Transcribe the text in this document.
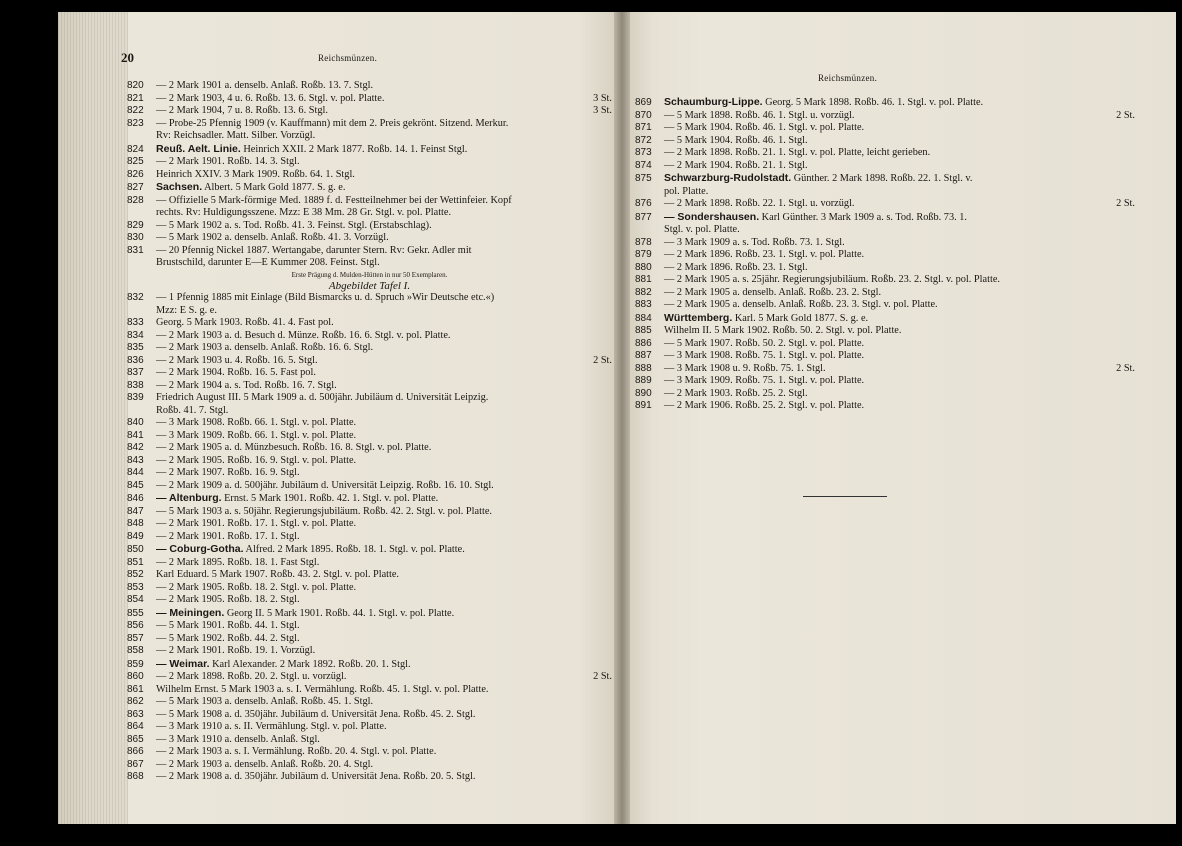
20	Reichsmünzen.
Reichsmünzen.
820 — 2 Mark 1901 a. denselb. Anlaß. Roßb. 13. 7. Stgl.
821 — 2 Mark 1903, 4 u. 6. Roßb. 13. 6. Stgl. v. pol. Platte.	3 St.
822 — 2 Mark 1904, 7 u. 8. Roßb. 13. 6. Stgl.	3 St.
823 — Probe-25 Pfennig 1909 (v. Kauffmann) mit dem 2. Preis gekrönt. Sitzend. Merkur.
Rv: Reichsadler. Matt. Silber. Vorzügl.
824 Reuß. Aelt. Linie. Heinrich XXII. 2 Mark 1877. Roßb. 14. 1. Feinst Stgl.
825 — 2 Mark 1901. Roßb. 14. 3. Stgl.
826 Heinrich XXIV. 3 Mark 1909. Roßb. 64. 1. Stgl.
827 Sachsen. Albert. 5 Mark Gold 1877. S. g. e.
828 — Offizielle 5 Mark-förmige Med. 1889 f. d. Festteilnehmer bei der Wettinfeier. Kopf
rechts. Rv: Huldigungsszene. Mzz: E 38 Mm. 28 Gr. Stgl. v. pol. Platte.
829 — 5 Mark 1902 a. s. Tod. Roßb. 41. 3. Feinst. Stgl. (Erstabschlag).
830 — 5 Mark 1902 a. denselb. Anlaß. Roßb. 41. 3. Vorzügl.
831 — 20 Pfennig Nickel 1887. Wertangabe, darunter Stern. Rv: Gekr. Adler mit
Brustschild, darunter E—E Kummer 208. Feinst. Stgl.
Erste Prägung d. Mulden-Hütten in nur 50 Exemplaren.
Abgebildet Tafel I.
832 — 1 Pfennig 1885 mit Einlage (Bild Bismarcks u. d. Spruch »Wir Deutsche etc.«)
Mzz: E S. g. e.
833 Georg. 5 Mark 1903. Roßb. 41. 4. Fast pol.
834 — 2 Mark 1903 a. d. Besuch d. Münze. Roßb. 16. 6. Stgl. v. pol. Platte.
835 — 2 Mark 1903 a. denselb. Anlaß. Roßb. 16. 6. Stgl.
836 — 2 Mark 1903 u. 4. Roßb. 16. 5. Stgl.	2 St.
837 — 2 Mark 1904. Roßb. 16. 5. Fast pol.
838 — 2 Mark 1904 a. s. Tod. Roßb. 16. 7. Stgl.
839 Friedrich August III. 5 Mark 1909 a. d. 500jähr. Jubiläum d. Universität Leipzig.
Roßb. 41. 7. Stgl.
840 — 3 Mark 1908. Roßb. 66. 1. Stgl. v. pol. Platte.
841 — 3 Mark 1909. Roßb. 66. 1. Stgl. v. pol. Platte.
842 — 2 Mark 1905 a. d. Münzbesuch. Roßb. 16. 8. Stgl. v. pol. Platte.
843 — 2 Mark 1905. Roßb. 16. 9. Stgl. v. pol. Platte.
844 — 2 Mark 1907. Roßb. 16. 9. Stgl.
845 — 2 Mark 1909 a. d. 500jähr. Jubiläum d. Universität Leipzig. Roßb. 16. 10. Stgl.
846 — Altenburg. Ernst. 5 Mark 1901. Roßb. 42. 1. Stgl. v. pol. Platte.
847 — 5 Mark 1903 a. s. 50jähr. Regierungsjubiläum. Roßb. 42. 2. Stgl. v. pol. Platte.
848 — 2 Mark 1901. Roßb. 17. 1. Stgl. v. pol. Platte.
849 — 2 Mark 1901. Roßb. 17. 1. Stgl.
850 — Coburg-Gotha. Alfred. 2 Mark 1895. Roßb. 18. 1. Stgl. v. pol. Platte.
851 — 2 Mark 1895. Roßb. 18. 1. Fast Stgl.
852 Karl Eduard. 5 Mark 1907. Roßb. 43. 2. Stgl. v. pol. Platte.
853 — 2 Mark 1905. Roßb. 18. 2. Stgl. v. pol. Platte.
854 — 2 Mark 1905. Roßb. 18. 2. Stgl.
855 — Meiningen. Georg II. 5 Mark 1901. Roßb. 44. 1. Stgl. v. pol. Platte.
856 — 5 Mark 1901. Roßb. 44. 1. Stgl.
857 — 5 Mark 1902. Roßb. 44. 2. Stgl.
858 — 2 Mark 1901. Roßb. 19. 1. Vorzügl.
859 — Weimar. Karl Alexander. 2 Mark 1892. Roßb. 20. 1. Stgl.
860 — 2 Mark 1898. Roßb. 20. 2. Stgl. u. vorzügl.	2 St.
861 Wilhelm Ernst. 5 Mark 1903 a. s. I. Vermählung. Roßb. 45. 1. Stgl. v. pol. Platte.
862 — 5 Mark 1903 a. denselb. Anlaß. Roßb. 45. 1. Stgl.
863 — 5 Mark 1908 a. d. 350jähr. Jubiläum d. Universität Jena. Roßb. 45. 2. Stgl.
864 — 3 Mark 1910 a. s. II. Vermählung. Stgl. v. pol. Platte.
865 — 3 Mark 1910 a. denselb. Anlaß. Stgl.
866 — 2 Mark 1903 a. s. I. Vermählung. Roßb. 20. 4. Stgl. v. pol. Platte.
867 — 2 Mark 1903 a. denselb. Anlaß. Roßb. 20. 4. Stgl.
868 — 2 Mark 1908 a. d. 350jähr. Jubiläum d. Universität Jena. Roßb. 20. 5. Stgl.
869 Schaumburg-Lippe. Georg. 5 Mark 1898. Roßb. 46. 1. Stgl. v. pol. Platte.
870 — 5 Mark 1898. Roßb. 46. 1. Stgl. u. vorzügl.	2 St.
871 — 5 Mark 1904. Roßb. 46. 1. Stgl. v. pol. Platte.
872 — 5 Mark 1904. Roßb. 46. 1. Stgl.
873 — 2 Mark 1898. Roßb. 21. 1. Stgl. v. pol. Platte, leicht gerieben.
874 — 2 Mark 1904. Roßb. 21. 1. Stgl.
875 Schwarzburg-Rudolstadt. Günther. 2 Mark 1898. Roßb. 22. 1. Stgl. v.
pol. Platte.
876 — 2 Mark 1898. Roßb. 22. 1. Stgl. u. vorzügl.	2 St.
877 — Sondershausen. Karl Günther. 3 Mark 1909 a. s. Tod. Roßb. 73. 1.
Stgl. v. pol. Platte.
878 — 3 Mark 1909 a. s. Tod. Roßb. 73. 1. Stgl.
879 — 2 Mark 1896. Roßb. 23. 1. Stgl. v. pol. Platte.
880 — 2 Mark 1896. Roßb. 23. 1. Stgl.
881 — 2 Mark 1905 a. s. 25jähr. Regierungsjubiläum. Roßb. 23. 2. Stgl. v. pol. Platte.
882 — 2 Mark 1905 a. denselb. Anlaß. Roßb. 23. 2. Stgl.
883 — 2 Mark 1905 a. denselb. Anlaß. Roßb. 23. 3. Stgl. v. pol. Platte.
884 Württemberg. Karl. 5 Mark Gold 1877. S. g. e.
885 Wilhelm II. 5 Mark 1902. Roßb. 50. 2. Stgl. v. pol. Platte.
886 — 5 Mark 1907. Roßb. 50. 2. Stgl. v. pol. Platte.
887 — 3 Mark 1908. Roßb. 75. 1. Stgl. v. pol. Platte.
888 — 3 Mark 1908 u. 9. Roßb. 75. 1. Stgl.	2 St.
889 — 3 Mark 1909. Roßb. 75. 1. Stgl. v. pol. Platte.
890 — 2 Mark 1903. Roßb. 25. 2. Stgl.
891 — 2 Mark 1906. Roßb. 25. 2. Stgl. v. pol. Platte.
